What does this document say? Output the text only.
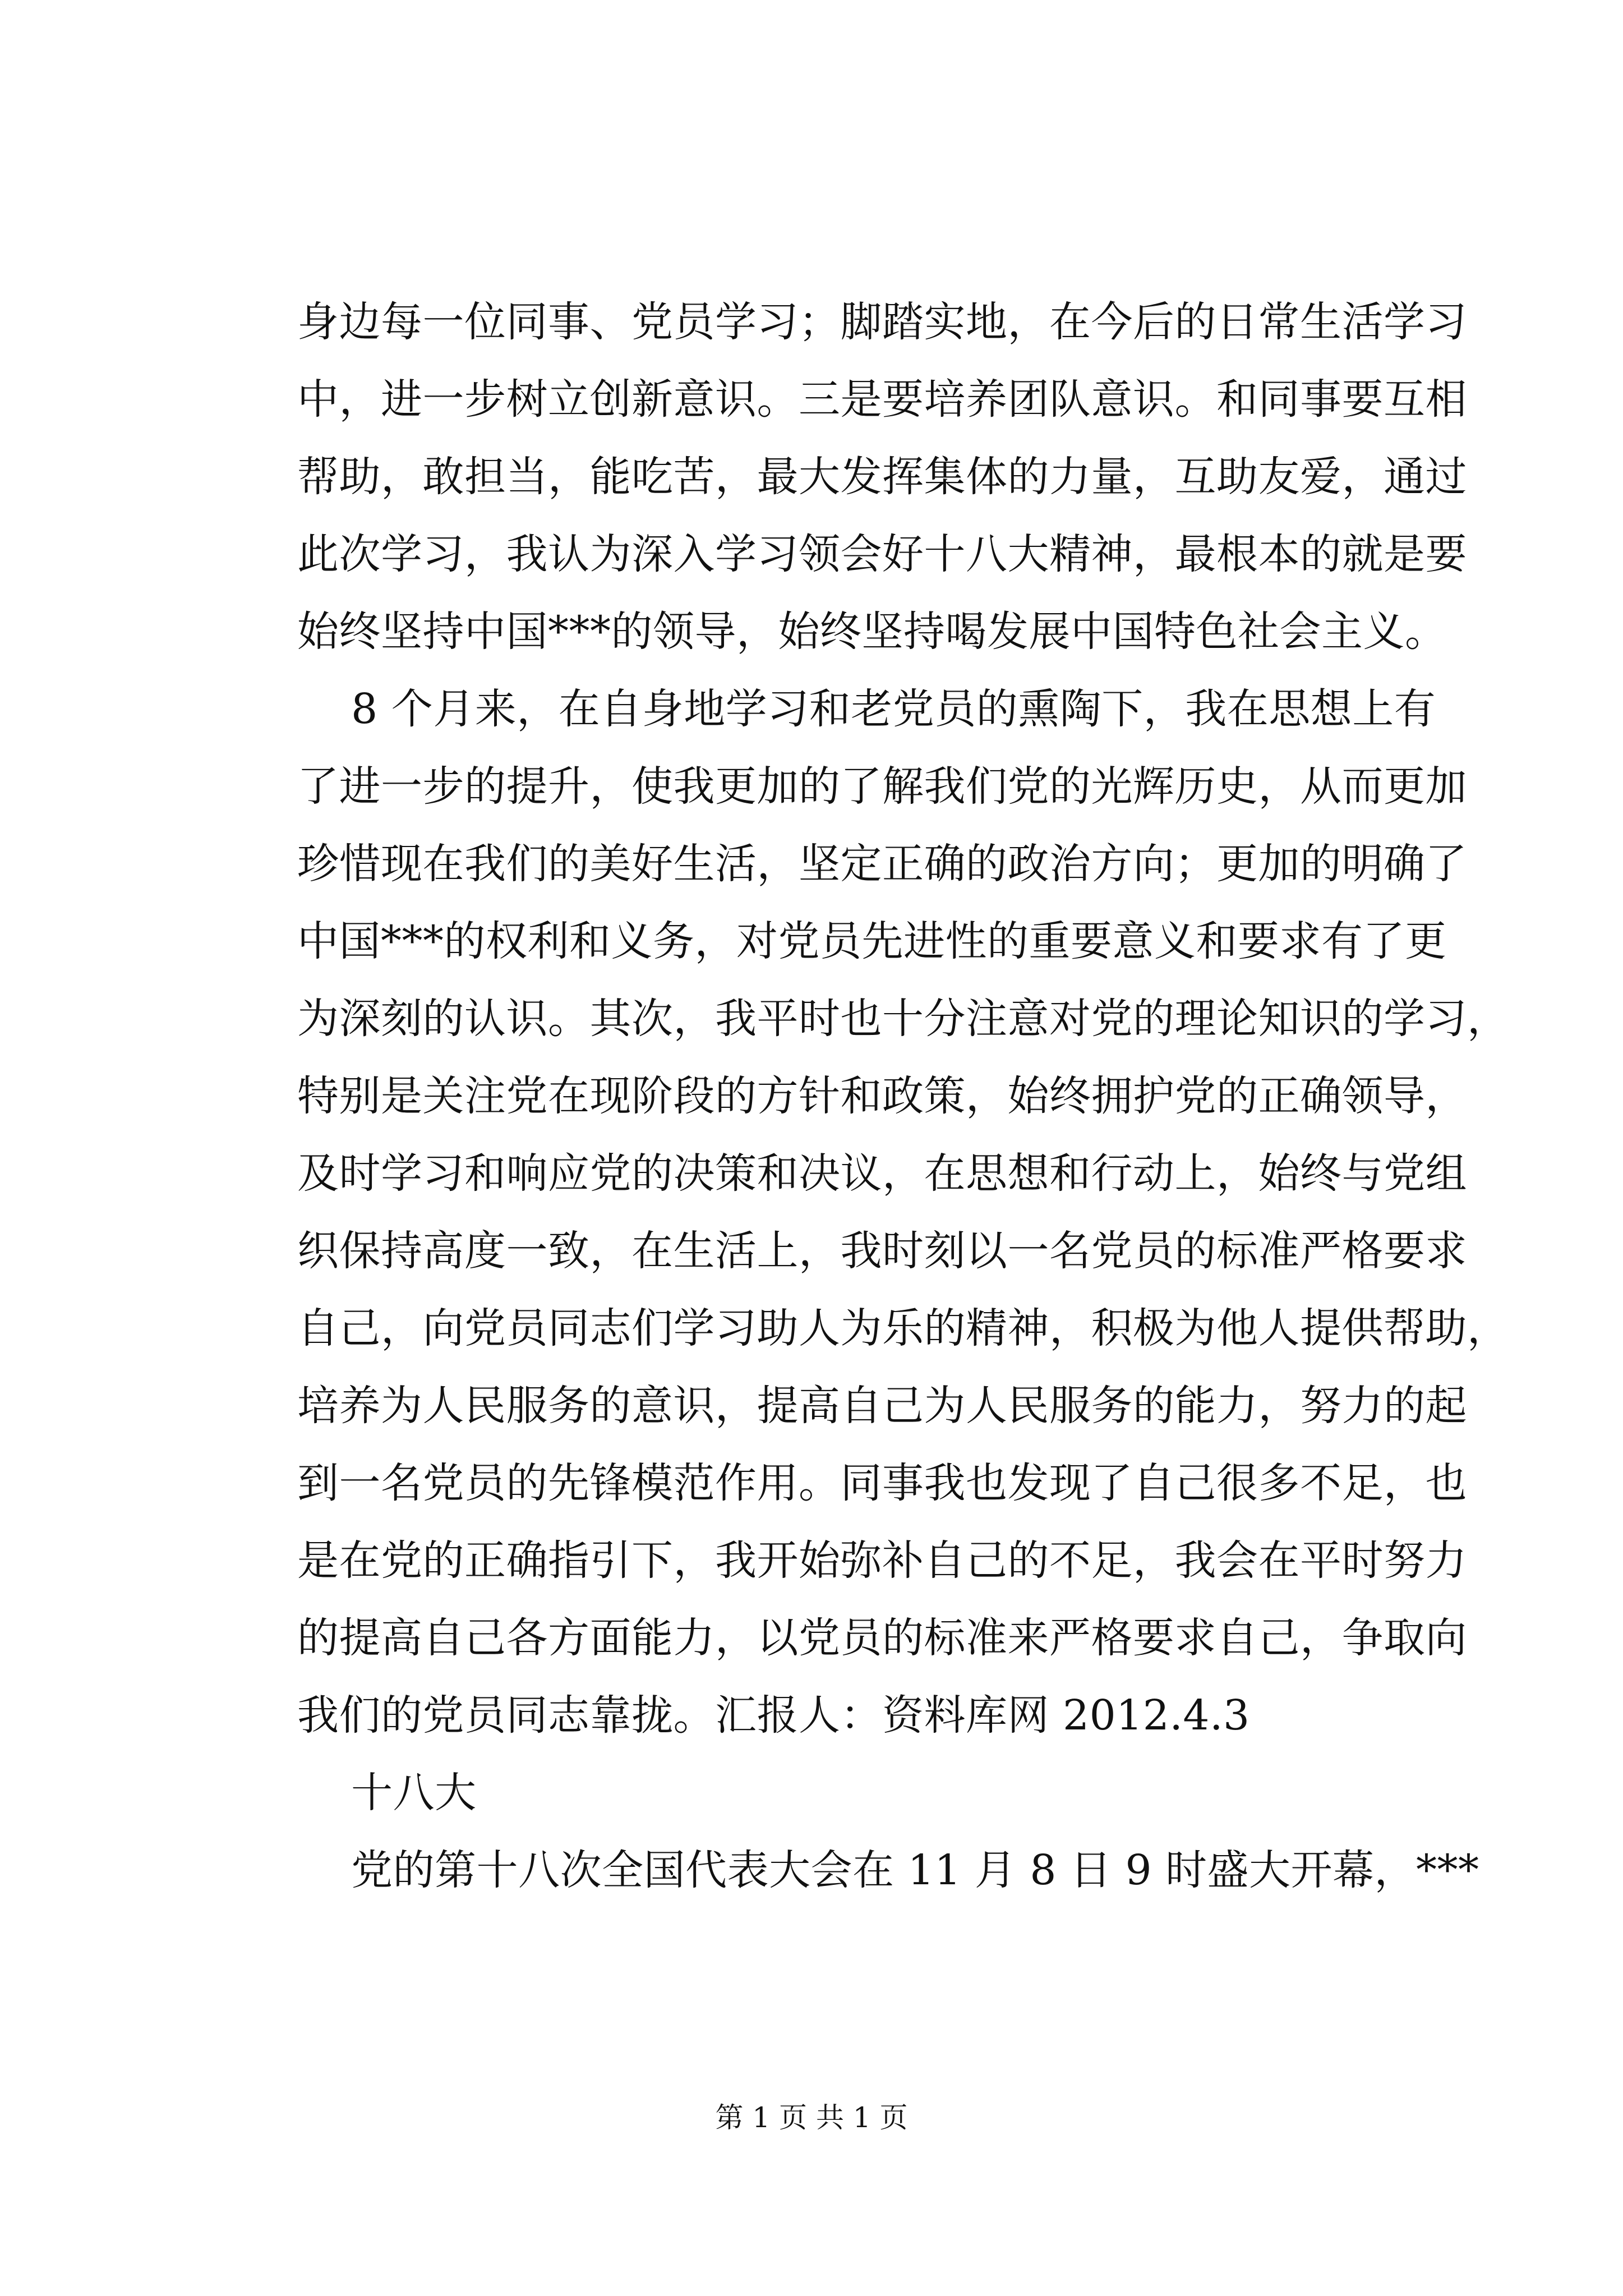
身边每一位同事、党员学习；脚踏实地，在今后的日常生活学习
中，进一步树立创新意识。三是要培养团队意识。和同事要互相
帮助，敢担当，能吃苦，最大发挥集体的力量，互助友爱，通过
此次学习，我认为深入学习领会好十八大精神，最根本的就是要
始终坚持中国***的领导，始终坚持喝发展中国特色社会主义。
8 个月来，在自身地学习和老党员的熏陶下，我在思想上有
了进一步的提升，使我更加的了解我们党的光辉历史，从而更加
珍惜现在我们的美好生活，坚定正确的政治方向；更加的明确了
中国***的权利和义务，对党员先进性的重要意义和要求有了更
为深刻的认识。其次，我平时也十分注意对党的理论知识的学习，
特别是关注党在现阶段的方针和政策，始终拥护党的正确领导，
及时学习和响应党的决策和决议，在思想和行动上，始终与党组
织保持高度一致，在生活上，我时刻以一名党员的标准严格要求
自己，向党员同志们学习助人为乐的精神，积极为他人提供帮助，
培养为人民服务的意识，提高自己为人民服务的能力，努力的起
到一名党员的先锋模范作用。同事我也发现了自己很多不足，也
是在党的正确指引下，我开始弥补自己的不足，我会在平时努力
的提高自己各方面能力，以党员的标准来严格要求自己，争取向
我们的党员同志靠拢。汇报人：资料库网 2012.4.3
十八大
党的第十八次全国代表大会在 11 月 8 日 9 时盛大开幕，***
第 1 页 共 1 页
